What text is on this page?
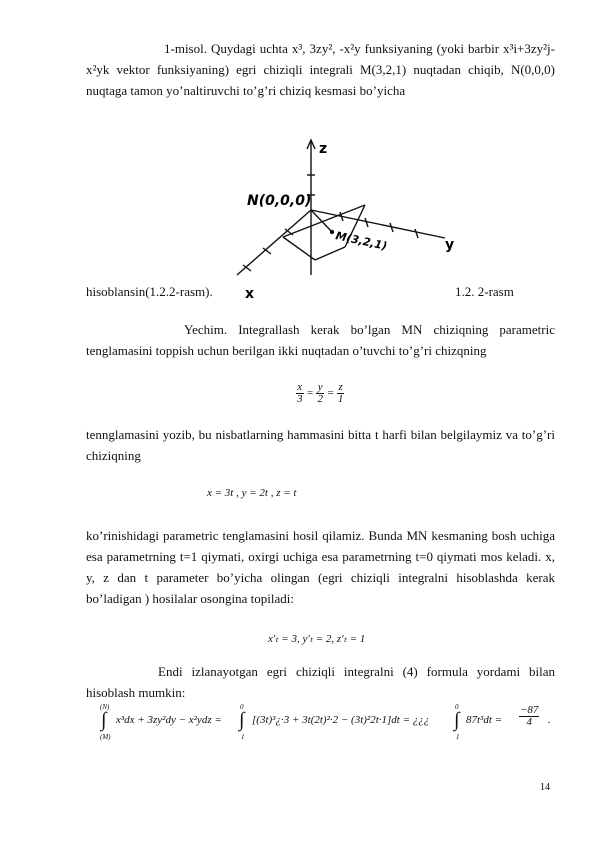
1-misol. Quydagi uchta x³, 3zy², -x²y funksiyaning (yoki barbir x³i+3zy²j-x²yk vektor funksiyaning) egri chiziqli integrali M(3,2,1) nuqtadan chiqib, N(0,0,0) nuqtaga tamon yo’naltiruvchi to’g’ri chiziq kesmasi bo’yicha
z
y
x
N(0,0,0)
M(3,2,1)
hisoblansin(1.2.2-rasm).	1.2. 2-rasm
Yechim. Integrallash kerak bo’lgan MN chiziqning parametric tenglamasini toppish uchun berilgan ikki nuqtadan o’tuvchi to’g’ri chizqning
$\frac{x}{3} = \frac{y}{2} = \frac{z}{1}$
tennglamasini yozib, bu nisbatlarning hammasini bitta t harfi bilan belgilaymiz va to’g’ri chiziqning
x = 3t , y = 2t , z = t
ko’rinishidagi parametric tenglamasini hosil qilamiz. Bunda MN kesmaning bosh uchiga esa parametrning t=1 qiymati, oxirgi uchiga esa parametrning t=0 qiymati mos keladi. x, y, z dan t parameter bo’yicha olingan (egri chiziqli integralni hisoblashda kerak bo’ladigan ) hosilalar osongina topiladi:
x′ₜ = 3, y′ₜ = 2, z′ₜ = 1
Endi izlanayotgan egri chiziqli integralni (4) formula yordami bilan hisoblash mumkin:
(N)
∫
(M)
x³dx + 3zy²dy − x²ydz =
0
∫
1
[(3t)³¿·3 + 3t(2t)²·2 − (3t)²2t·1]dt = ¿¿¿
0
∫
1
$87t^3dt = \frac{-87}{4}$ .
14
